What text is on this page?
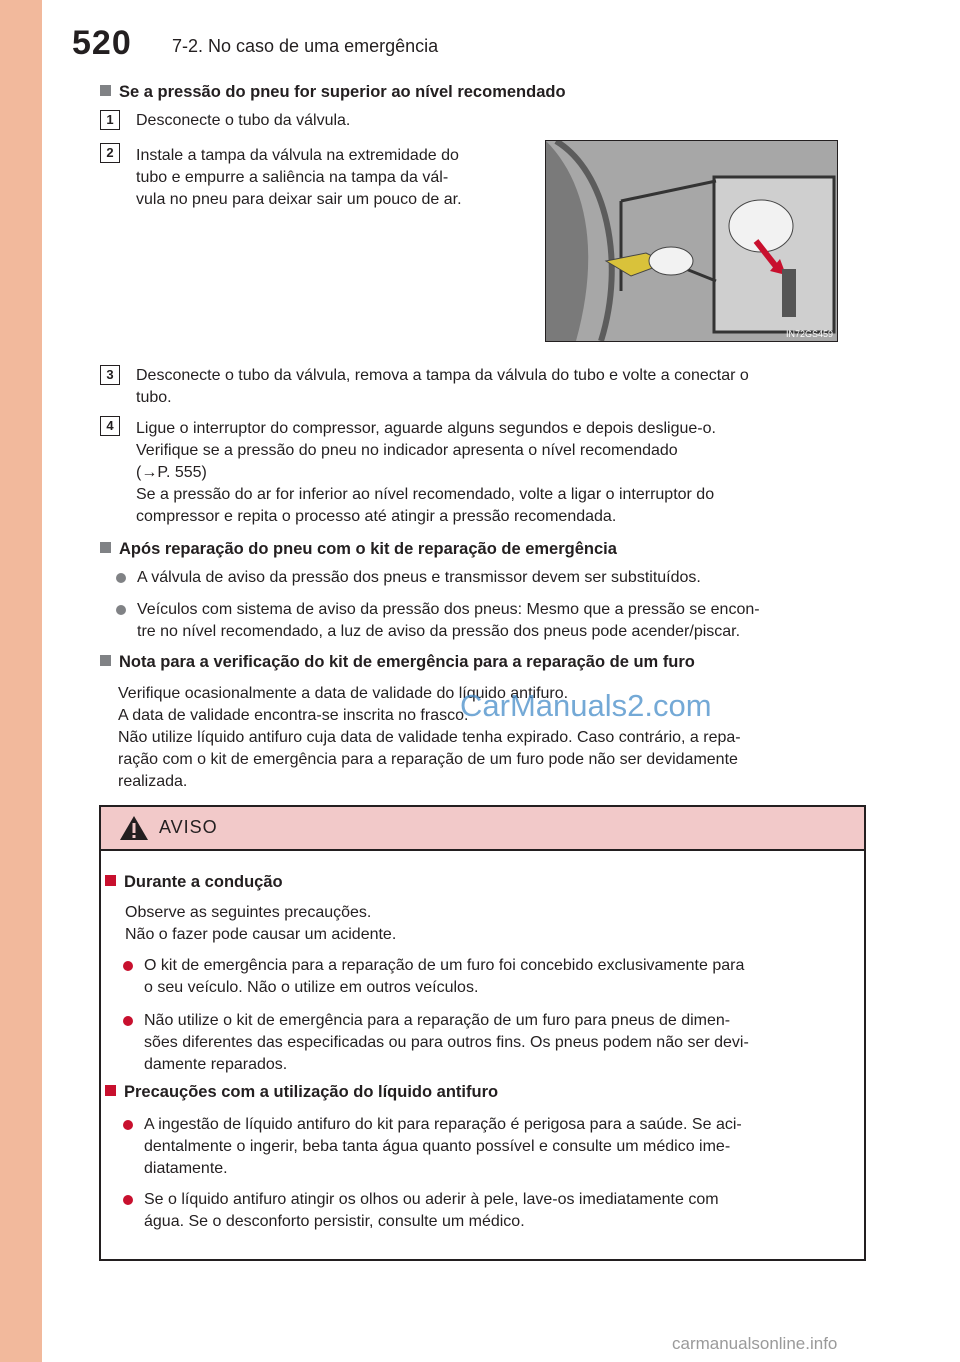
520 7-2. No caso de uma emergência
Se a pressão do pneu for superior ao nível recomendado
1	Desconecte o tubo da válvula.
2	Instale a tampa da válvula na extremidade do
tubo e empurre a saliência na tampa da vál-
vula no pneu para deixar sair um pouco de ar.
IN72GS459
3	Desconecte o tubo da válvula, remova a tampa da válvula do tubo e volte a conectar o
tubo.
4	Ligue o interruptor do compressor, aguarde alguns segundos e depois desligue-o.
Verifique se a pressão do pneu no indicador apresenta o nível recomendado
(→P. 555)
Se a pressão do ar for inferior ao nível recomendado, volte a ligar o interruptor do
compressor e repita o processo até atingir a pressão recomendada.
Após reparação do pneu com o kit de reparação de emergência
A válvula de aviso da pressão dos pneus e transmissor devem ser substituídos.
Veículos com sistema de aviso da pressão dos pneus: Mesmo que a pressão se encon-
tre no nível recomendado, a luz de aviso da pressão dos pneus pode acender/piscar.
Nota para a verificação do kit de emergência para a reparação de um furo
Verifique ocasionalmente a data de validade do líquido antifuro.
A data de validade encontra-se inscrita no frasco.
Não utilize líquido antifuro cuja data de validade tenha expirado. Caso contrário, a repa-
ração com o kit de emergência para a reparação de um furo pode não ser devidamente
realizada.
CarManuals2.com
AVISO
Durante a condução
Observe as seguintes precauções.
Não o fazer pode causar um acidente.
O kit de emergência para a reparação de um furo foi concebido exclusivamente para
o seu veículo. Não o utilize em outros veículos.
Não utilize o kit de emergência para a reparação de um furo para pneus de dimen-
sões diferentes das especificadas ou para outros fins. Os pneus podem não ser devi-
damente reparados.
Precauções com a utilização do líquido antifuro
A ingestão de líquido antifuro do kit para reparação é perigosa para a saúde. Se aci-
dentalmente o ingerir, beba tanta água quanto possível e consulte um médico ime-
diatamente.
Se o líquido antifuro atingir os olhos ou aderir à pele, lave-os imediatamente com
água. Se o desconforto persistir, consulte um médico.
carmanualsonline.info
